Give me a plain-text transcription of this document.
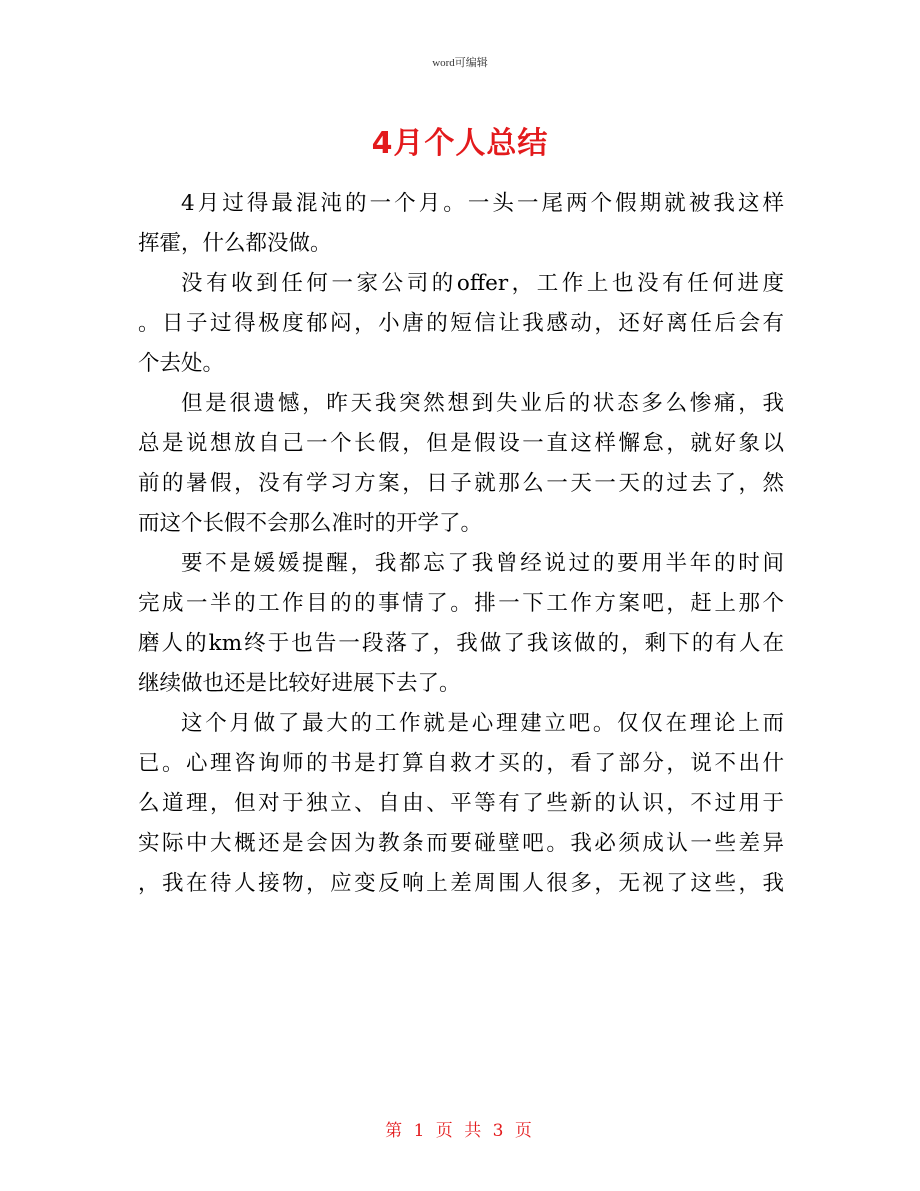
word可编辑
4月个人总结
4月过得最混沌的一个月。一头一尾两个假期就被我这样
挥霍，什么都没做。
没有收到任何一家公司的offer，工作上也没有任何进度
。日子过得极度郁闷，小唐的短信让我感动，还好离任后会有
个去处。
但是很遗憾，昨天我突然想到失业后的状态多么惨痛，我
总是说想放自己一个长假，但是假设一直这样懈怠，就好象以
前的暑假，没有学习方案，日子就那么一天一天的过去了，然
而这个长假不会那么准时的开学了。
要不是媛媛提醒，我都忘了我曾经说过的要用半年的时间
完成一半的工作目的的事情了。排一下工作方案吧，赶上那个
磨人的km终于也告一段落了，我做了我该做的，剩下的有人在
继续做也还是比较好进展下去了。
这个月做了最大的工作就是心理建立吧。仅仅在理论上而
已。心理咨询师的书是打算自救才买的，看了部分，说不出什
么道理，但对于独立、自由、平等有了些新的认识，不过用于
实际中大概还是会因为教条而要碰壁吧。我必须成认一些差异
，我在待人接物，应变反响上差周围人很多，无视了这些，我
第 1 页 共 3 页
